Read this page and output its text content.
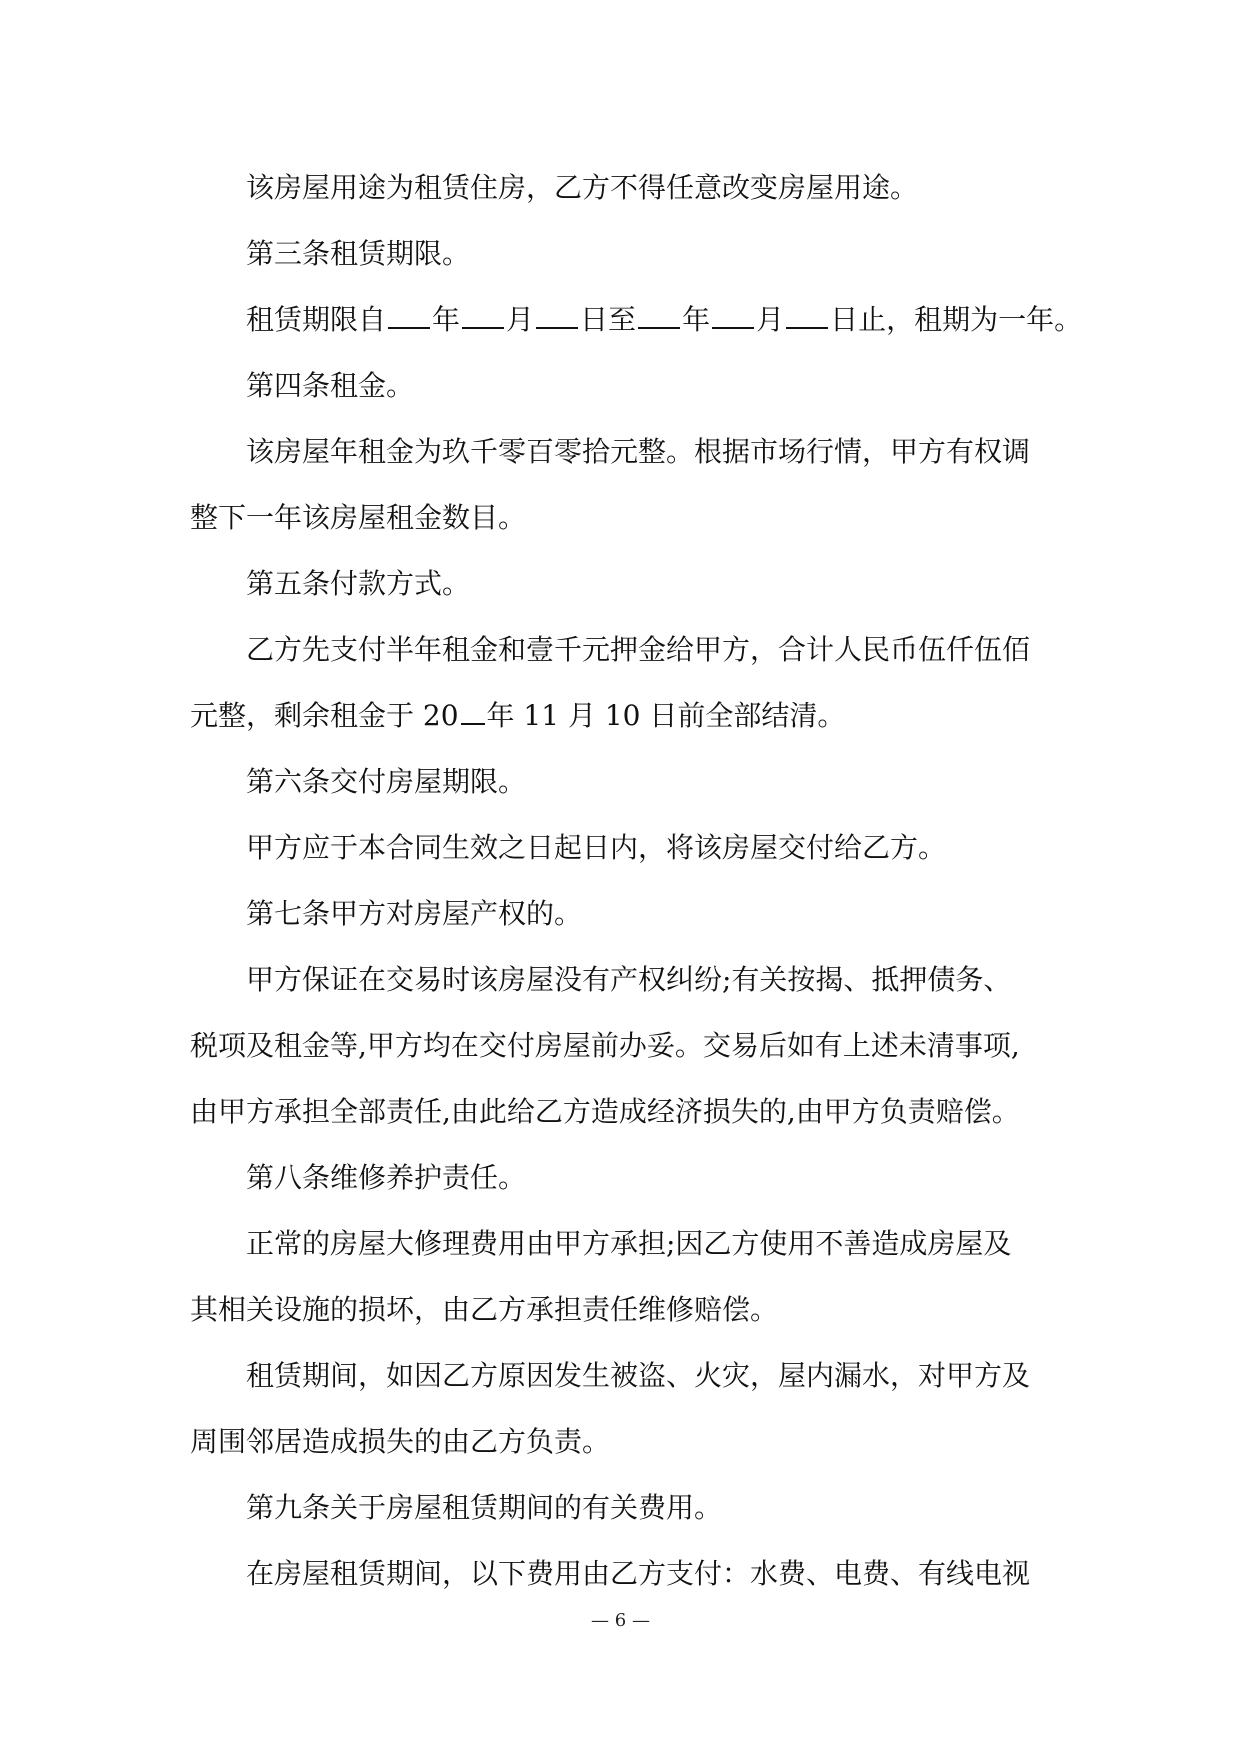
该房屋用途为租赁住房，乙方不得任意改变房屋用途。

第三条租赁期限。

租赁期限自 年 月 日至 年 月 日止，租期为一年。

第四条租金。

该房屋年租金为玖千零百零拾元整。根据市场行情，甲方有权调

整下一年该房屋租金数目。

第五条付款方式。

乙方先支付半年租金和壹千元押金给甲方，合计人民币伍仟伍佰

元整，剩余租金于 20 年 11 月 10 日前全部结清。

第六条交付房屋期限。

甲方应于本合同生效之日起日内，将该房屋交付给乙方。

第七条甲方对房屋产权的。

甲方保证在交易时该房屋没有产权纠纷;有关按揭、抵押债务、

税项及租金等,甲方均在交付房屋前办妥。交易后如有上述未清事项,

由甲方承担全部责任,由此给乙方造成经济损失的,由甲方负责赔偿。

第八条维修养护责任。

正常的房屋大修理费用由甲方承担;因乙方使用不善造成房屋及

其相关设施的损坏，由乙方承担责任维修赔偿。

租赁期间，如因乙方原因发生被盗、火灾，屋内漏水，对甲方及

周围邻居造成损失的由乙方负责。

第九条关于房屋租赁期间的有关费用。

在房屋租赁期间，以下费用由乙方支付：水费、电费、有线电视

— 6 —
